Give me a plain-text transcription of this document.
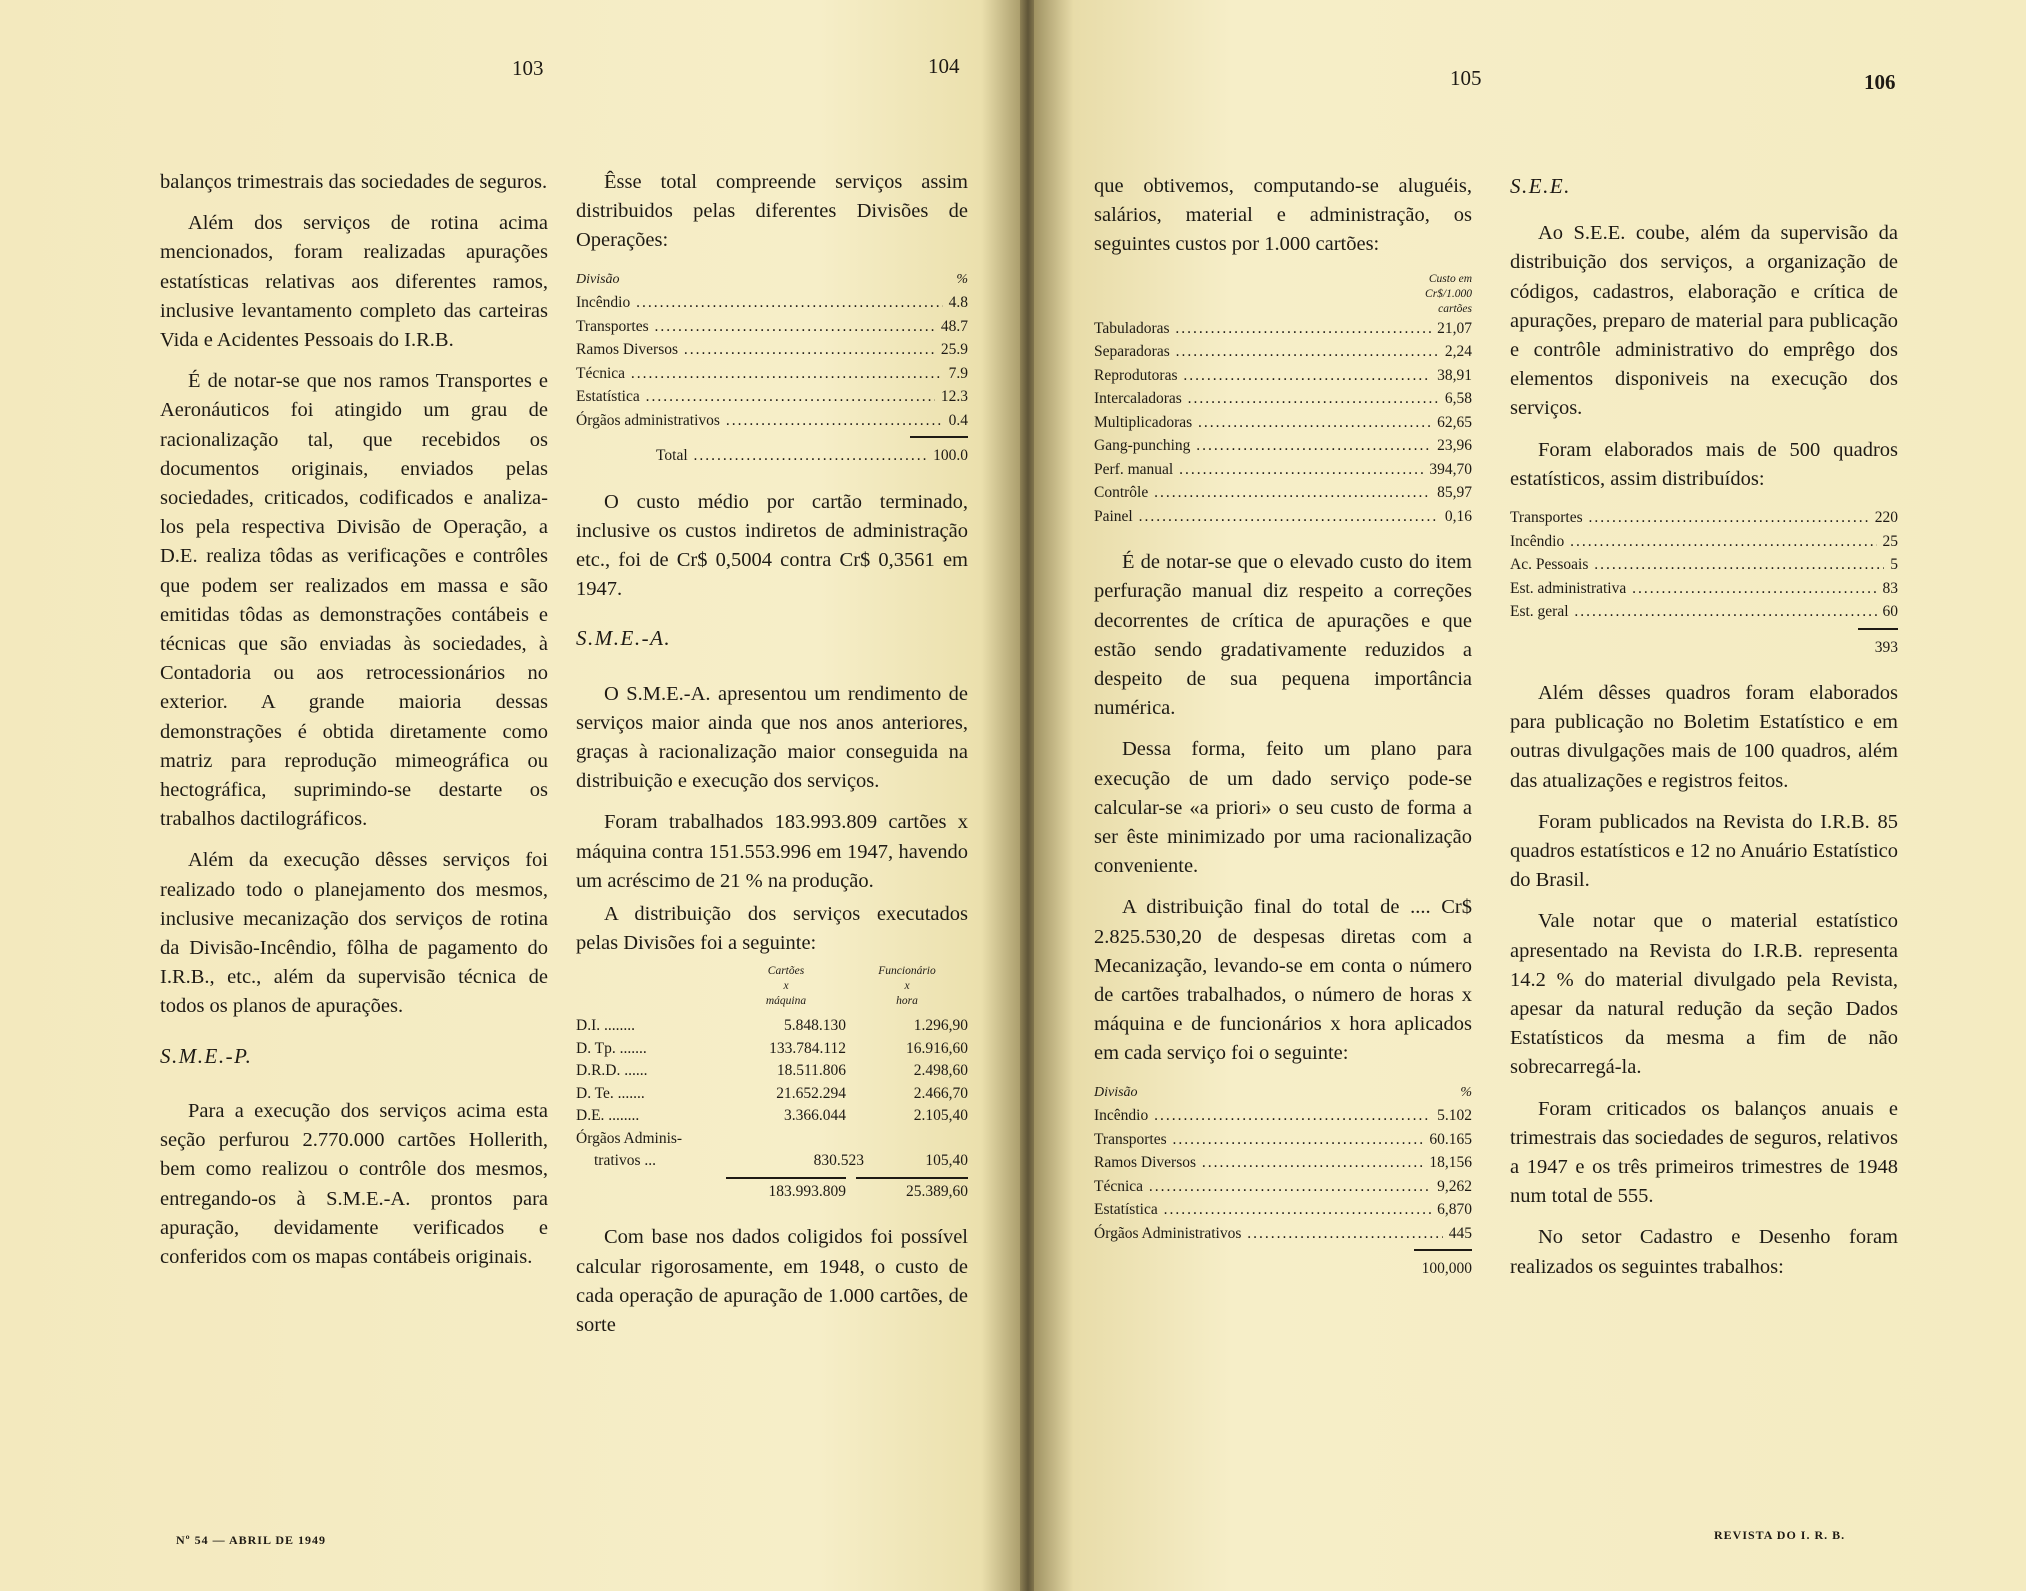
103	104

balanços trimestrais das sociedades de seguros.

Além dos serviços de rotina acima mencionados, foram realizadas apurações estatísticas relativas aos diferentes ramos, inclusive levantamento completo das carteiras Vida e Acidentes Pessoais do I.R.B.

É de notar-se que nos ramos Transportes e Aeronáuticos foi atingido um grau de racionalização tal, que recebidos os documentos originais, enviados pelas sociedades, criticados, codificados e analiza-los pela respectiva Divisão de Operação, a D.E. realiza tôdas as verificações e contrôles que podem ser realizados em massa e são emitidas tôdas as demonstrações contábeis e técnicas que são enviadas às sociedades, à Contadoria ou aos retrocessionários no exterior. A grande maioria dessas demonstrações é obtida diretamente como matriz para reprodução mimeográfica ou hectográfica, suprimindo-se destarte os trabalhos dactilográficos.

Além da execução dêsses serviços foi realizado todo o planejamento dos mesmos, inclusive mecanização dos serviços de rotina da Divisão-Incêndio, fôlha de pagamento do I.R.B., etc., além da supervisão técnica de todos os planos de apurações.

S.M.E.-P.

Para a execução dos serviços acima esta seção perfurou 2.770.000 cartões Hollerith, bem como realizou o contrôle dos mesmos, entregando-os à S.M.E.-A. prontos para apuração, devidamente verificados e conferidos com os mapas contábeis originais.

Êsse total compreende serviços assim distribuidos pelas diferentes Divisões de Operações:

Divisão	%
Incêndio .....	4.8
Transportes .....	48.7
Ramos Diversos .....	25.9
Técnica .....	7.9
Estatística .....	12.3
Órgãos administrativos .....	0.4
Total .....	100.0

O custo médio por cartão terminado, inclusive os custos indiretos de administração etc., foi de Cr$ 0,5004 contra Cr$ 0,3561 em 1947.

S.M.E.-A.

O S.M.E.-A. apresentou um rendimento de serviços maior ainda que nos anos anteriores, graças à racionalização maior conseguida na distribuição e execução dos serviços.

Foram trabalhados 183.993.809 cartões x máquina contra 151.553.996 em 1947, havendo um acréscimo de 21 % na produção.

A distribuição dos serviços executados pelas Divisões foi a seguinte:

Cartões
x
máquina
Funcionário
x
hora
D.I. ........	5.848.130	1.296,90
D. Tp. .......	133.784.112	16.916,60
D.R.D. ......	18.511.806	2.498,60
D. Te. .......	21.652.294	2.466,70
D.E. ........	3.366.044	2.105,40
Órgãos Adminis-
trativos ...	830.523	105,40
183.993.809	25.389,60

Com base nos dados coligidos foi possível calcular rigorosamente, em 1948, o custo de cada operação de apuração de 1.000 cartões, de sorte

Nº 54 — ABRIL DE 1949
105	106

que obtivemos, computando-se aluguéis, salários, material e administração, os seguintes custos por 1.000 cartões:

Custo em
Cr$/1.000
cartões
Tabuladoras .....	21,07
Separadoras .....	2,24
Reprodutoras .....	38,91
Intercaladoras .....	6,58
Multiplicadoras .....	62,65
Gang-punching .....	23,96
Perf. manual .....	394,70
Contrôle .....	85,97
Painel .....	0,16

É de notar-se que o elevado custo do item perfuração manual diz respeito a correções decorrentes de crítica de apurações e que estão sendo gradativamente reduzidos a despeito de sua pequena importância numérica.

Dessa forma, feito um plano para execução de um dado serviço pode-se calcular-se «a priori» o seu custo de forma a ser êste minimizado por uma racionalização conveniente.

A distribuição final do total de .... Cr$ 2.825.530,20 de despesas diretas com a Mecanização, levando-se em conta o número de cartões trabalhados, o número de horas x máquina e de funcionários x hora aplicados em cada serviço foi o seguinte:

Divisão	%
Incêndio .....	5.102
Transportes .....	60.165
Ramos Diversos .....	18,156
Técnica .....	9,262
Estatística .....	6,870
Órgãos Administrativos .....	445
100,000
S.E.E.

Ao S.E.E. coube, além da supervisão da distribuição dos serviços, a organização de códigos, cadastros, elaboração e crítica de apurações, preparo de material para publicação e contrôle administrativo do emprêgo dos elementos disponiveis na execução dos serviços.

Foram elaborados mais de 500 quadros estatísticos, assim distribuídos:

Transportes .....	220
Incêndio .....	25
Ac. Pessoais .....	5
Est. administrativa .....	83
Est. geral .....	60
393

Além dêsses quadros foram elaborados para publicação no Boletim Estatístico e em outras divulgações mais de 100 quadros, além das atualizações e registros feitos.

Foram publicados na Revista do I.R.B. 85 quadros estatísticos e 12 no Anuário Estatístico do Brasil.

Vale notar que o material estatístico apresentado na Revista do I.R.B. representa 14.2 % do material divulgado pela Revista, apesar da natural redução da seção Dados Estatísticos da mesma a fim de não sobrecarregá-la.

Foram criticados os balanços anuais e trimestrais das sociedades de seguros, relativos a 1947 e os três primeiros trimestres de 1948 num total de 555.

No setor Cadastro e Desenho foram realizados os seguintes trabalhos:

REVISTA DO I. R. B.
